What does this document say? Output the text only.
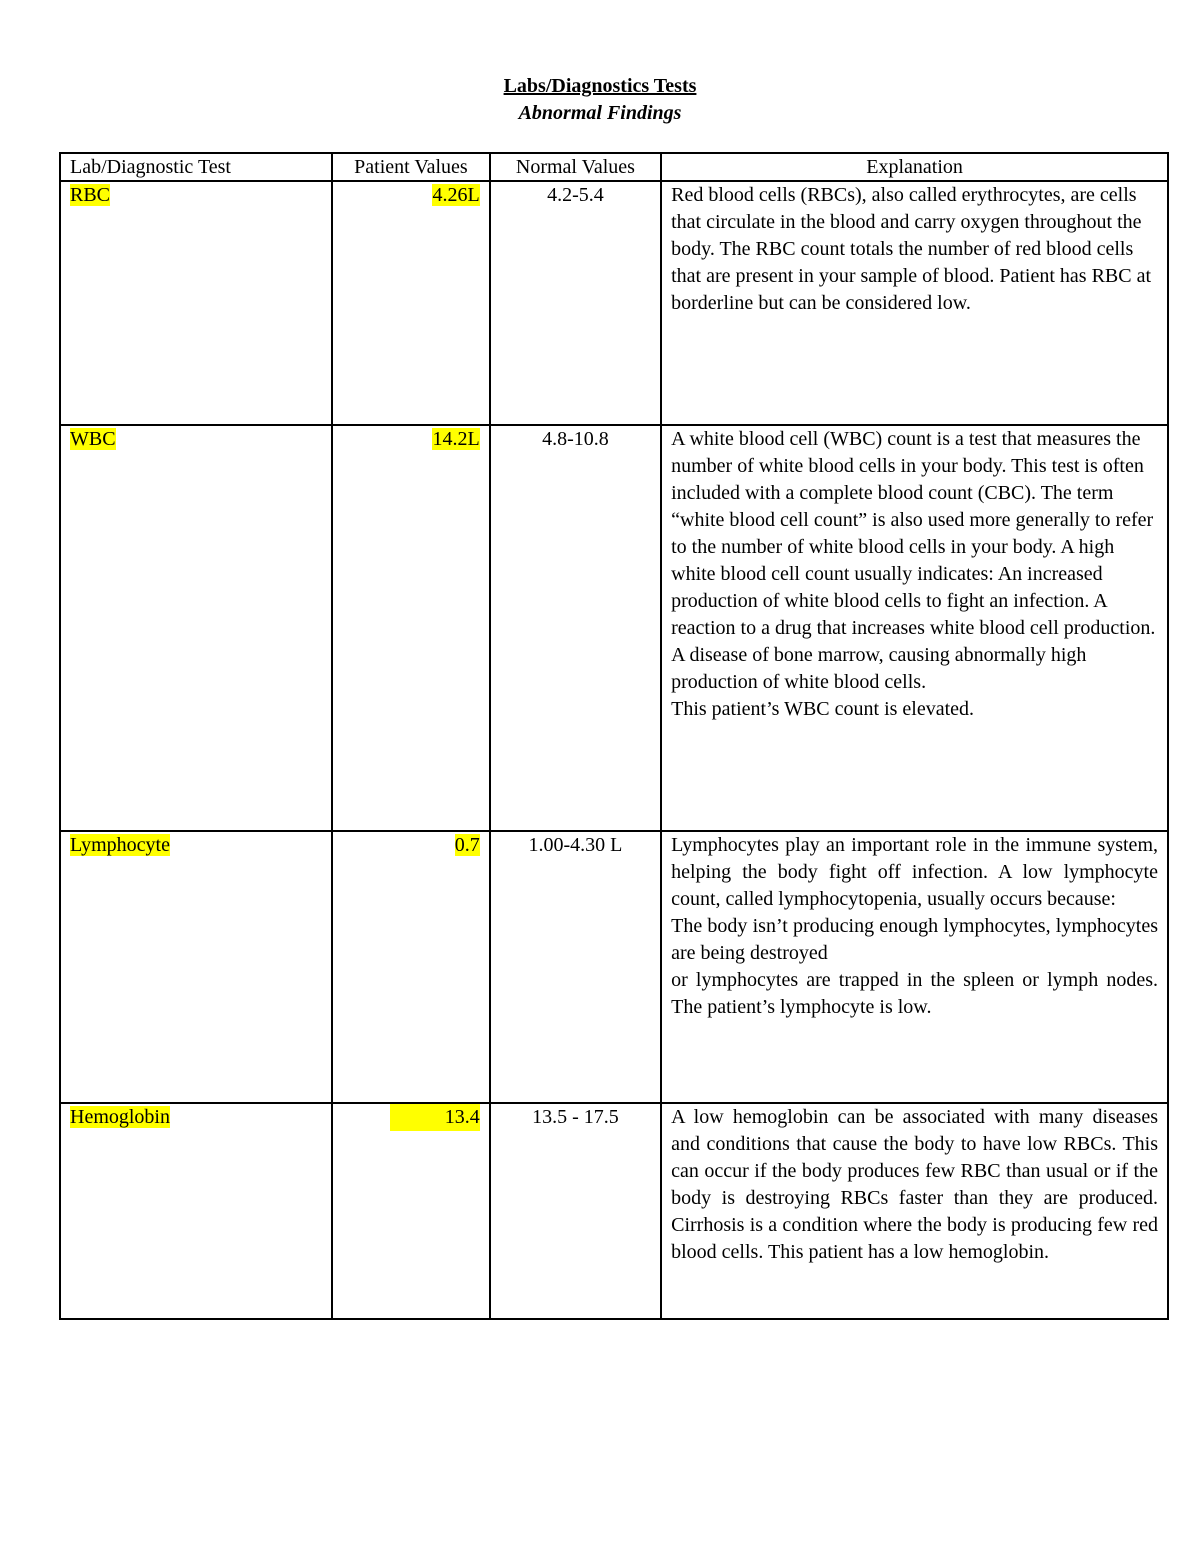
Labs/Diagnostics Tests
Abnormal Findings
Lab/Diagnostic Test	Patient Values	Normal Values	Explanation
RBC	4.26L	4.2-5.4	Red blood cells (RBCs), also called erythrocytes, are cells that circulate in the blood and carry oxygen throughout the body. The RBC count totals the number of red blood cells that are present in your sample of blood. Patient has RBC at borderline but can be considered low.

WBC	14.2L	4.8-10.8	A white blood cell (WBC) count is a test that measures the number of white blood cells in your body. This test is often included with a complete blood count (CBC). The term “white blood cell count” is also used more generally to refer to the number of white blood cells in your body. A high white blood cell count usually indicates: An increased production of white blood cells to fight an infection. A reaction to a drug that increases white blood cell production. A disease of bone marrow, causing abnormally high production of white blood cells.
This patient’s WBC count is elevated.

Lymphocyte	0.7	1.00-4.30 L	Lymphocytes play an important role in the immune system, helping the body fight off infection. A low lymphocyte count, called lymphocytopenia, usually occurs because:
The body isn’t producing enough lymphocytes, lymphocytes are being destroyed
or lymphocytes are trapped in the spleen or lymph nodes. The patient’s lymphocyte is low.

Hemoglobin	13.4	13.5 - 17.5	A low hemoglobin can be associated with many diseases and conditions that cause the body to have low RBCs. This can occur if the body produces few RBC than usual or if the body is destroying RBCs faster than they are produced. Cirrhosis is a condition where the body is producing few red blood cells. This patient has a low hemoglobin.
